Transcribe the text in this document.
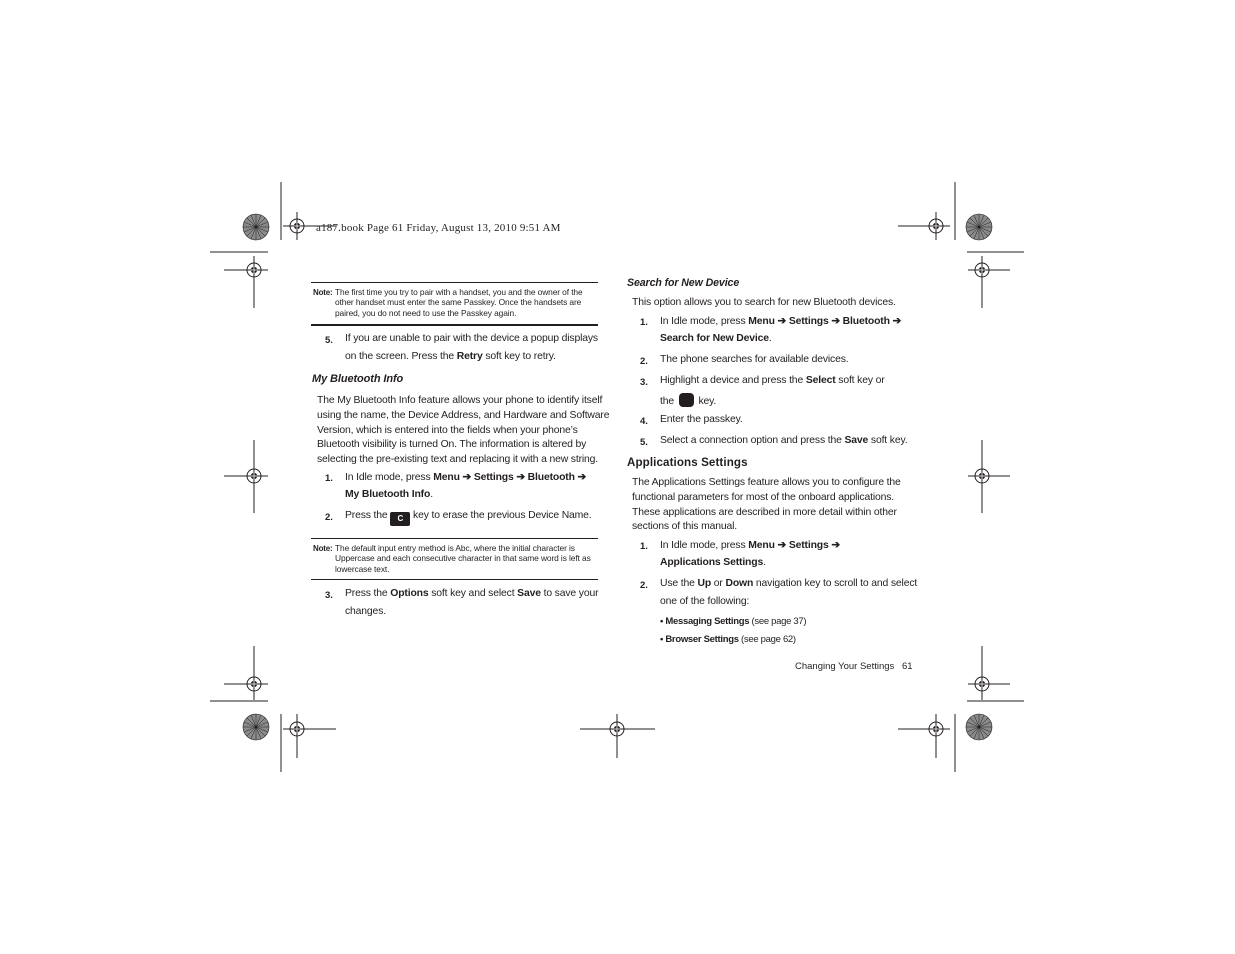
a187.book Page 61 Friday, August 13, 2010 9:51 AM
Note: The first time you try to pair with a handset, you and the owner of the
other handset must enter the same Passkey. Once the handsets are
paired, you do not need to use the Passkey again.
5. If you are unable to pair with the device a popup displays
on the screen. Press the Retry soft key to retry.
My Bluetooth Info
The My Bluetooth Info feature allows your phone to identify itself
using the name, the Device Address, and Hardware and Software
Version, which is entered into the fields when your phone’s
Bluetooth visibility is turned On. The information is altered by
selecting the pre-existing text and replacing it with a new string.
1. In Idle mode, press Menu ➔ Settings ➔ Bluetooth ➔
My Bluetooth Info.
2. Press the C key to erase the previous Device Name.
Note: The default input entry method is Abc, where the initial character is
Uppercase and each consecutive character in that same word is left as
lowercase text.
3. Press the Options soft key and select Save to save your
changes.
Search for New Device
This option allows you to search for new Bluetooth devices.
1. In Idle mode, press Menu ➔ Settings ➔ Bluetooth ➔
Search for New Device.
2. The phone searches for available devices.
3. Highlight a device and press the Select soft key or
the  key.
4. Enter the passkey.
5. Select a connection option and press the Save soft key.
Applications Settings
The Applications Settings feature allows you to configure the
functional parameters for most of the onboard applications.
These applications are described in more detail within other
sections of this manual.
1. In Idle mode, press Menu ➔ Settings ➔
Applications Settings.
2. Use the Up or Down navigation key to scroll to and select
one of the following:
• Messaging Settings (see page 37)
• Browser Settings (see page 62)
Changing Your Settings 61
